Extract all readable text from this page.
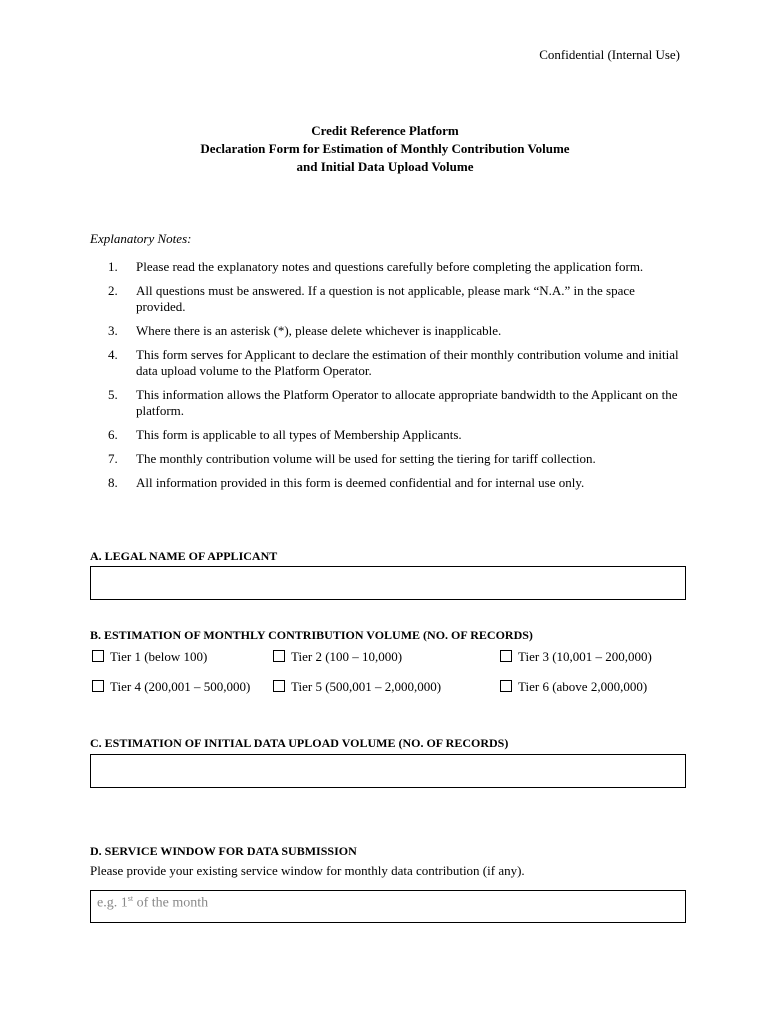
Confidential (Internal Use)
Credit Reference Platform
Declaration Form for Estimation of Monthly Contribution Volume
and Initial Data Upload Volume
Explanatory Notes:
1.	Please read the explanatory notes and questions carefully before completing the application form.
2.	All questions must be answered. If a question is not applicable, please mark “N.A.” in the space provided.
3.	Where there is an asterisk (*), please delete whichever is inapplicable.
4.	This form serves for Applicant to declare the estimation of their monthly contribution volume and initial data upload volume to the Platform Operator.
5.	This information allows the Platform Operator to allocate appropriate bandwidth to the Applicant on the platform.
6.	This form is applicable to all types of Membership Applicants.
7.	The monthly contribution volume will be used for setting the tiering for tariff collection.
8.	All information provided in this form is deemed confidential and for internal use only.
A. LEGAL NAME OF APPLICANT
B. ESTIMATION OF MONTHLY CONTRIBUTION VOLUME (NO. OF RECORDS)
Tier 1 (below 100)	Tier 2 (100 – 10,000)	Tier 3 (10,001 – 200,000)
Tier 4 (200,001 – 500,000)	Tier 5 (500,001 – 2,000,000)	Tier 6 (above 2,000,000)
C. ESTIMATION OF INITIAL DATA UPLOAD VOLUME (NO. OF RECORDS)
D. SERVICE WINDOW FOR DATA SUBMISSION
Please provide your existing service window for monthly data contribution (if any).
e.g. 1st of the month
